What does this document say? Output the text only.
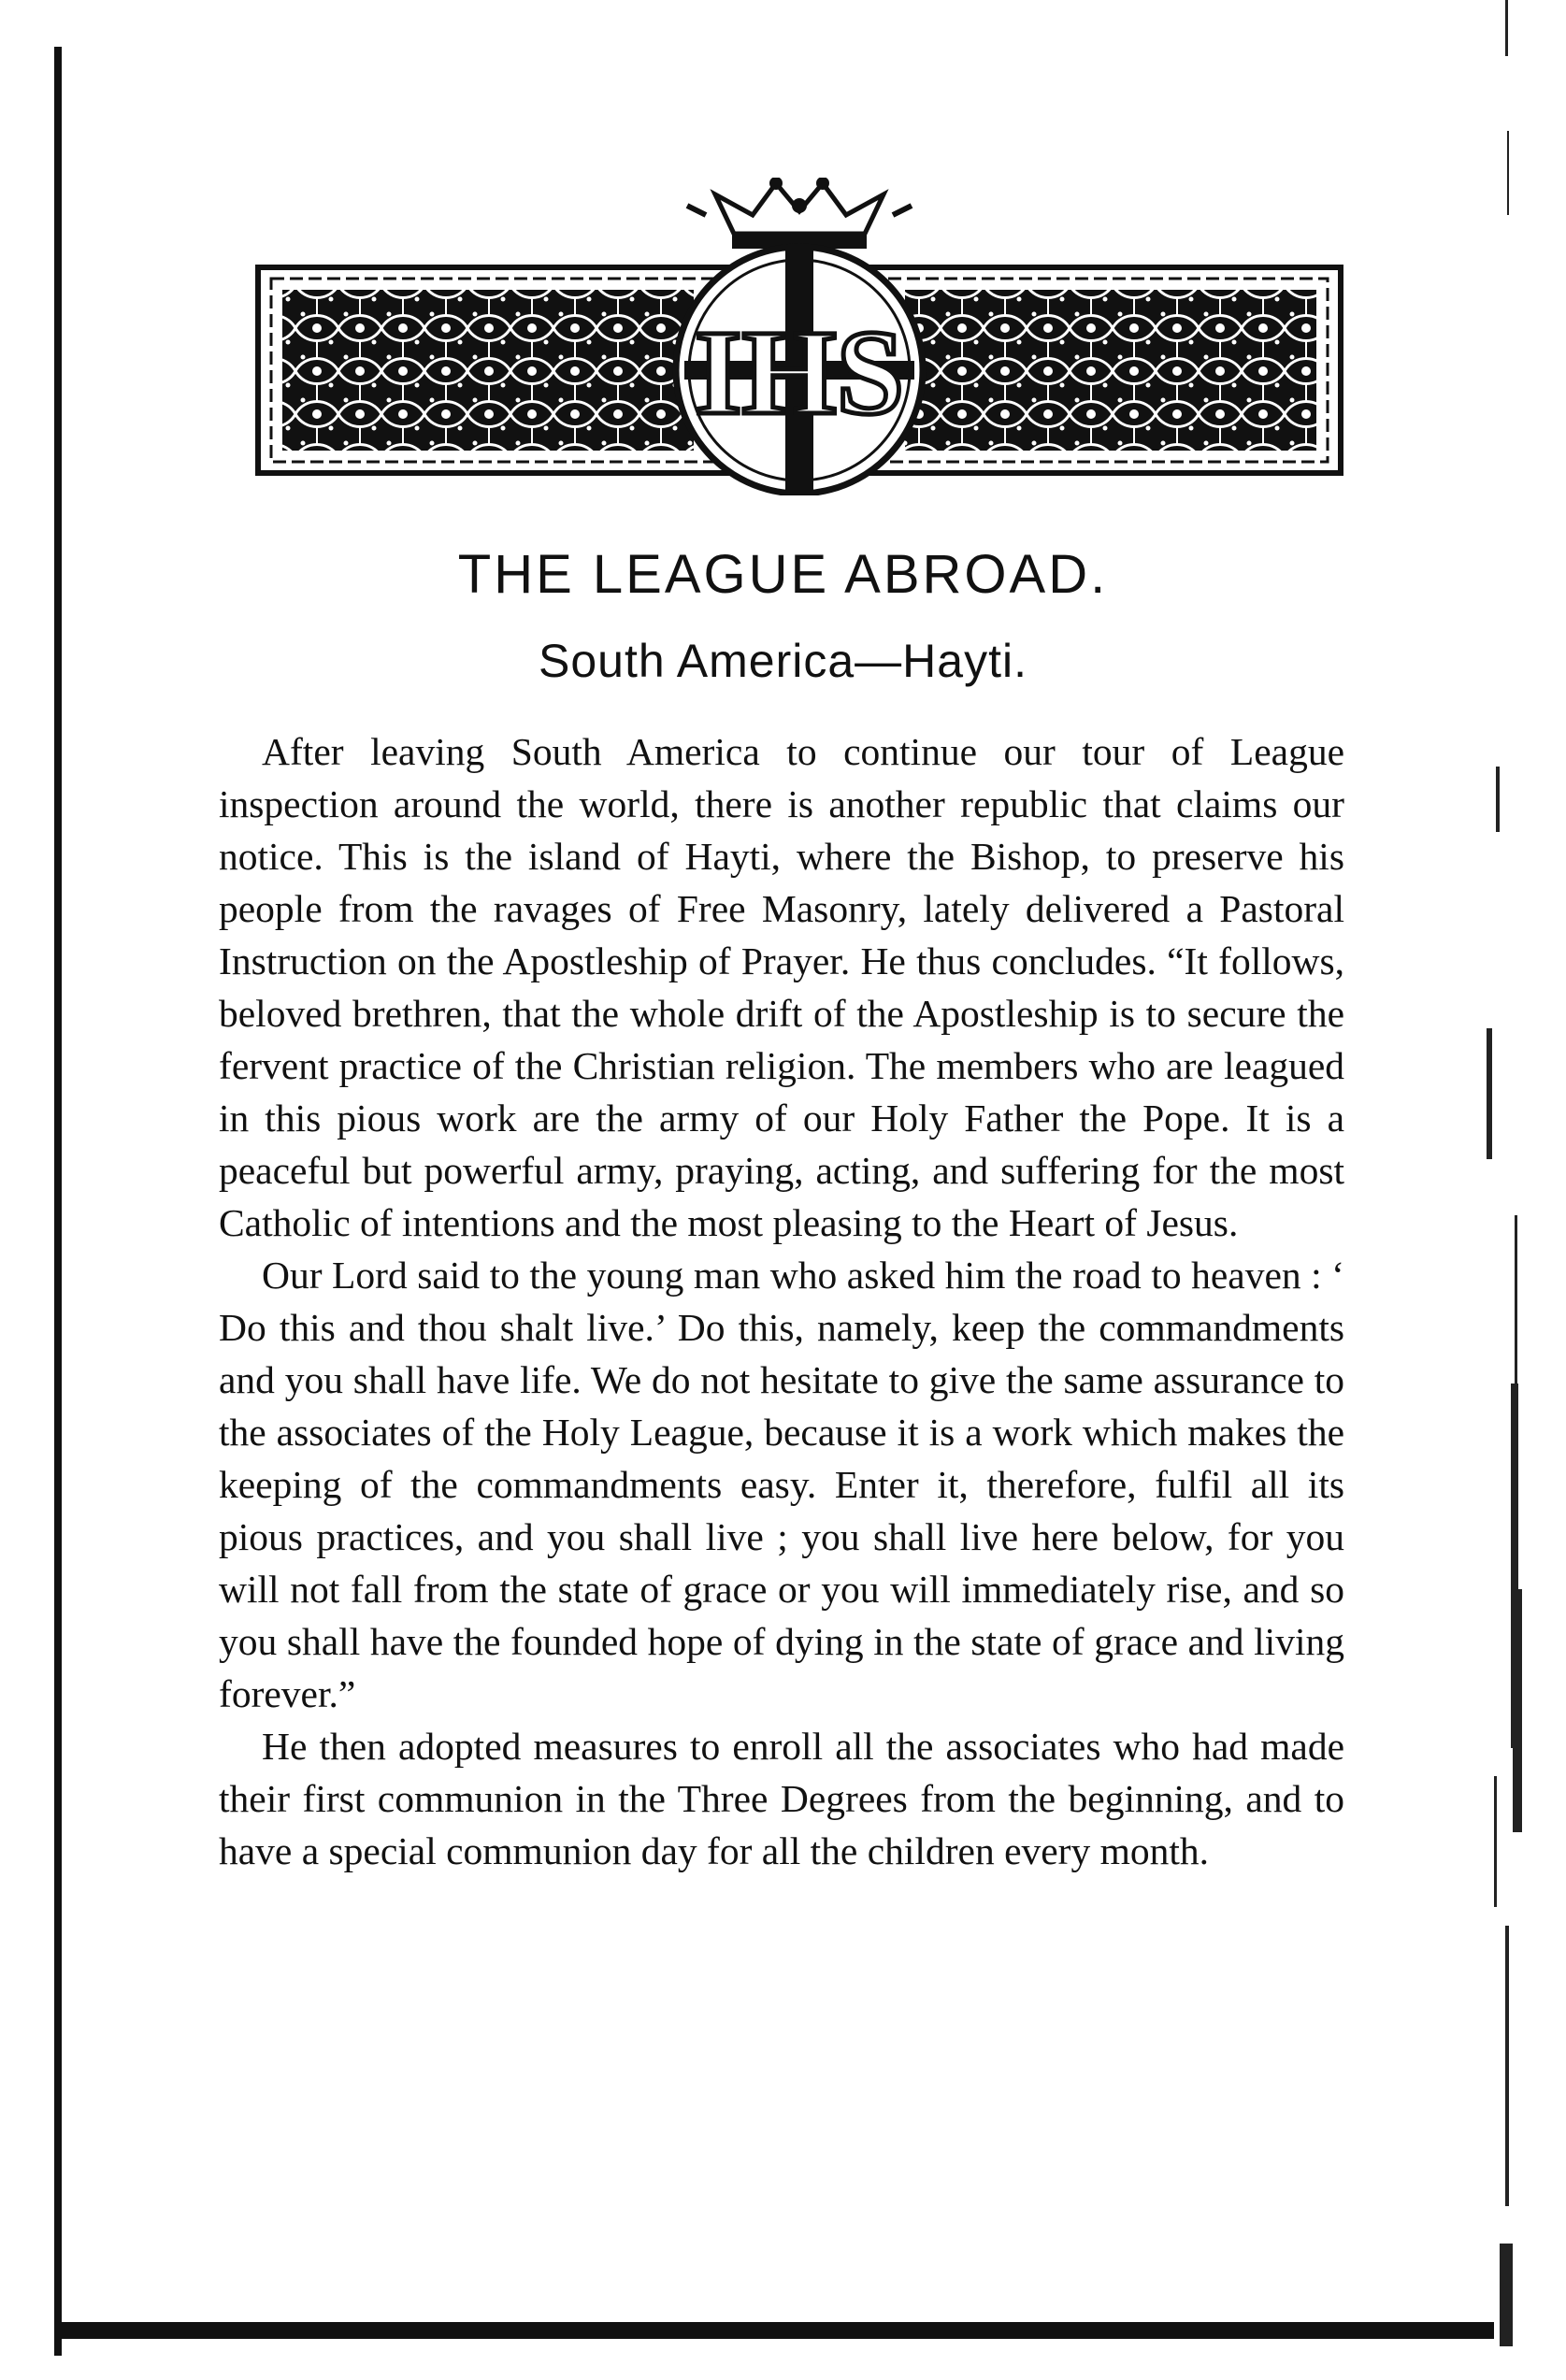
IHS
THE LEAGUE ABROAD.
South America—Hayti.

After leaving South America to continue our tour of League inspection around the world, there is another republic that claims our notice. This is the island of Hayti, where the Bishop, to preserve his people from the ravages of Free Masonry, lately delivered a Pastoral Instruction on the Apostleship of Prayer. He thus concludes. “It follows, beloved brethren, that the whole drift of the Apostleship is to secure the fervent practice of the Christian religion. The members who are leagued in this pious work are the army of our Holy Father the Pope. It is a peaceful but powerful army, praying, acting, and suffering for the most Catholic of intentions and the most pleasing to the Heart of Jesus.

Our Lord said to the young man who asked him the road to heaven : ‘ Do this and thou shalt live.’ Do this, namely, keep the commandments and you shall have life. We do not hesitate to give the same assurance to the associates of the Holy League, because it is a work which makes the keeping of the commandments easy. Enter it, therefore, fulfil all its pious practices, and you shall live ; you shall live here below, for you will not fall from the state of grace or you will immediately rise, and so you shall have the founded hope of dying in the state of grace and living forever.”

He then adopted measures to enroll all the associates who had made their first communion in the Three Degrees from the beginning, and to have a special communion day for all the children every month.
